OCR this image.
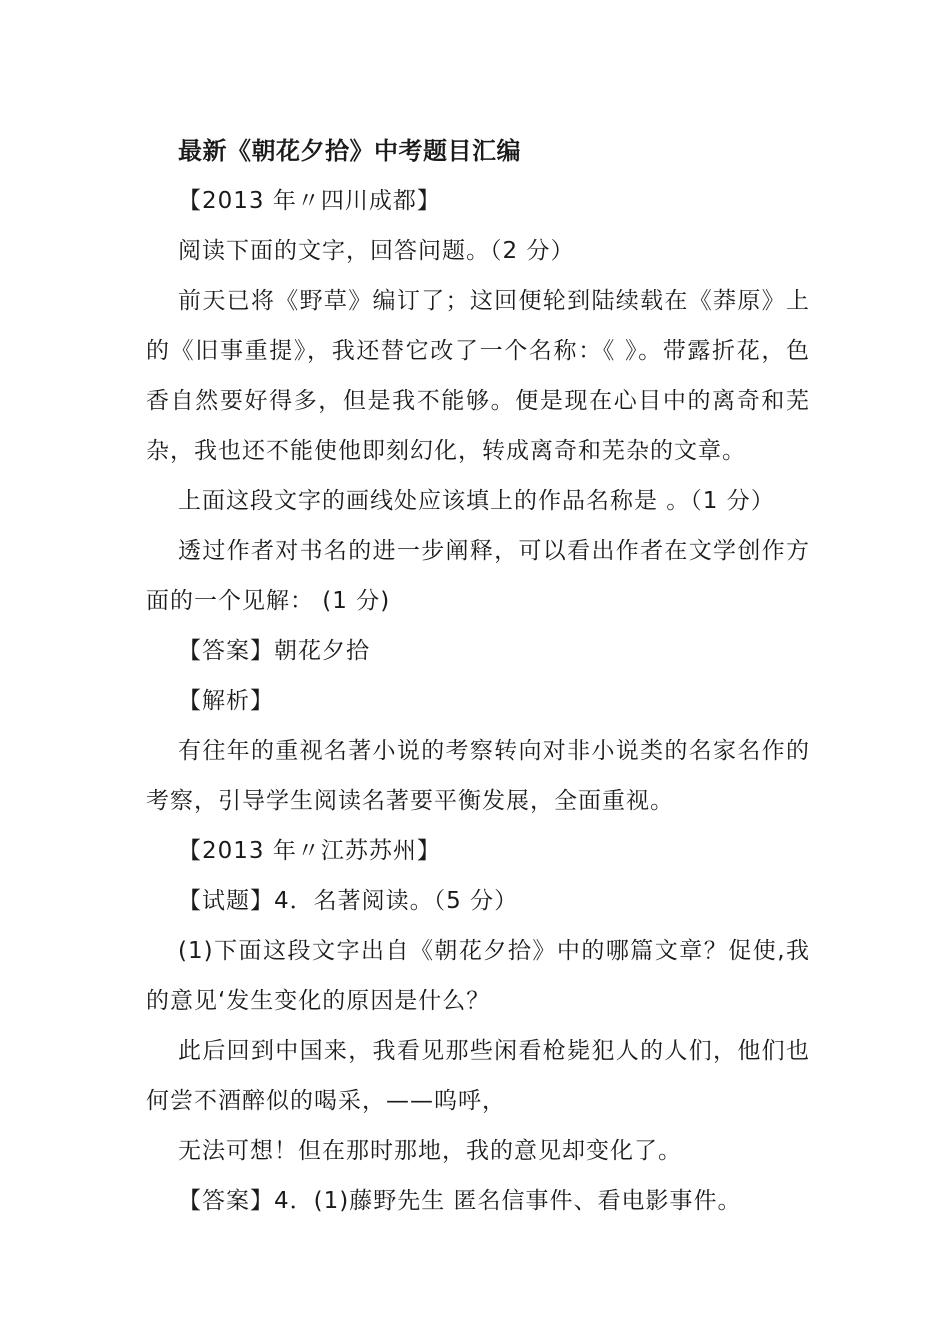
最新《朝花夕拾》中考题目汇编

【2013 年〃四川成都】

阅读下面的文字，回答问题。（2 分）

前天已将《野草》编订了；这回便轮到陆续载在《莽原》上的《旧事重提》，我还替它改了一个名称：《 》。带露折花，色香自然要好得多，但是我不能够。便是现在心目中的离奇和芜杂，我也还不能使他即刻幻化，转成离奇和芜杂的文章。

上面这段文字的画线处应该填上的作品名称是 。（1 分）

透过作者对书名的进一步阐释，可以看出作者在文学创作方面的一个见解： (1 分)

【答案】朝花夕拾

【解析】

有往年的重视名著小说的考察转向对非小说类的名家名作的考察，引导学生阅读名著要平衡发展，全面重视。

【2013 年〃江苏苏州】

【试题】4．名著阅读。（5 分）

(1)下面这段文字出自《朝花夕拾》中的哪篇文章？促使,我的意见‘发生变化的原因是什么？

此后回到中国来，我看见那些闲看枪毙犯人的人们，他们也何尝不酒醉似的喝采，——呜呼，

无法可想！但在那时那地，我的意见却变化了。

【答案】4．(1)藤野先生 匿名信事件、看电影事件。
